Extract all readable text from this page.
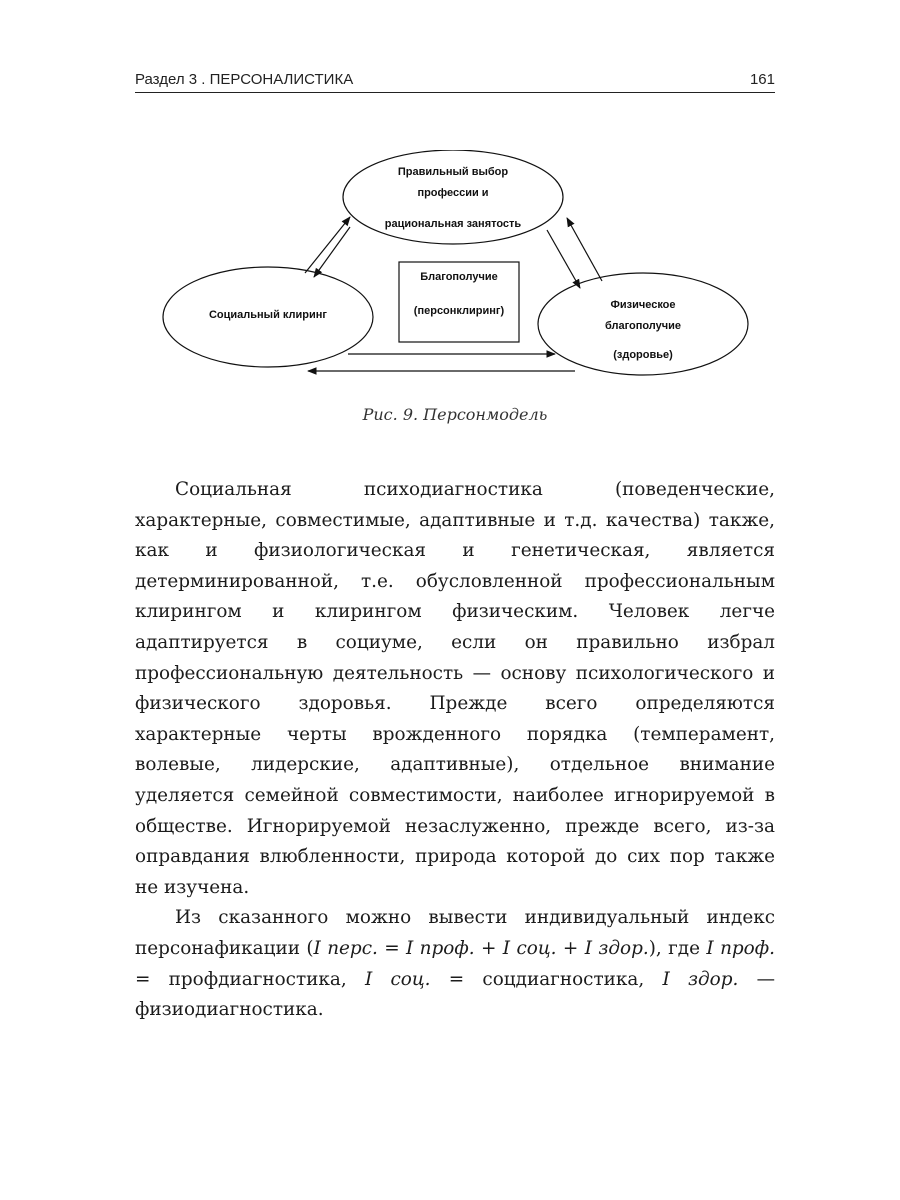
Раздел 3 . ПЕРСОНАЛИСТИКА	161
Правильный выбор
профессии и
рациональная занятость
Благополучие
(персонклиринг)
Социальный клиринг
Физическое
благополучие
(здоровье)
Рис. 9. Персонмодель

Социальная психодиагностика (поведенческие, характерные, совместимые, адаптивные и т.д. качества) также, как и физиологическая и генетическая, является детерминированной, т.е. обусловленной профессиональным клирингом и клирингом физическим. Человек легче адаптируется в социуме, если он правильно избрал профессиональную деятельность — основу психологического и физического здоровья. Прежде всего определяются характерные черты врожденного порядка (темперамент, волевые, лидерские, адаптивные), отдельное внимание уделяется семейной совместимости, наиболее игнорируемой в обществе. Игнорируемой незаслуженно, прежде всего, из-за оправдания влюбленности, природа которой до сих пор также не изучена.

Из сказанного можно вывести индивидуальный индекс персонафикации (I перс. = I проф. + I соц. + I здор.), где I проф. = профдиагностика, I соц. = соцдиагностика, I здор. — физиодиагностика.
